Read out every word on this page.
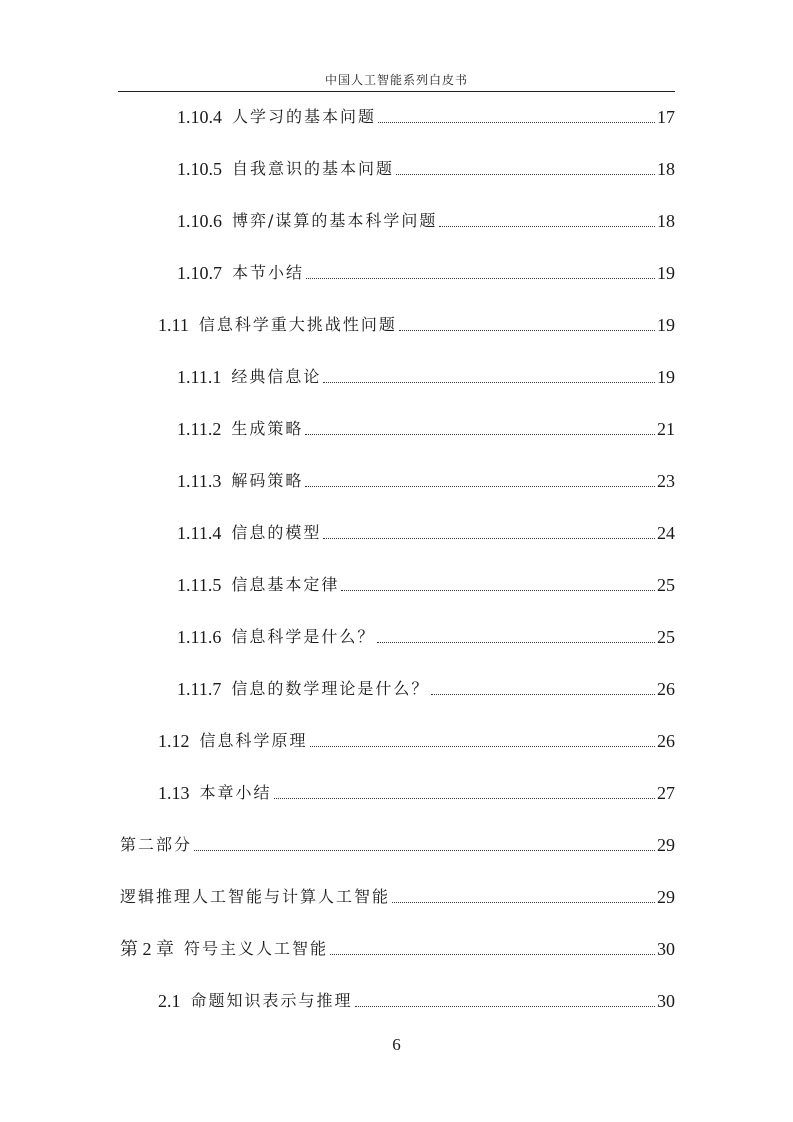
中国人工智能系列白皮书
1.10.4 人学习的基本问题	17
1.10.5 自我意识的基本问题	18
1.10.6 博弈/谋算的基本科学问题	18
1.10.7 本节小结	19
1.11 信息科学重大挑战性问题	19
1.11.1 经典信息论	19
1.11.2 生成策略	21
1.11.3 解码策略	23
1.11.4 信息的模型	24
1.11.5 信息基本定律	25
1.11.6 信息科学是什么？	25
1.11.7 信息的数学理论是什么？	26
1.12 信息科学原理	26
1.13 本章小结	27
第二部分	29
逻辑推理人工智能与计算人工智能	29
第 2 章 符号主义人工智能	30
2.1 命题知识表示与推理	30
6
